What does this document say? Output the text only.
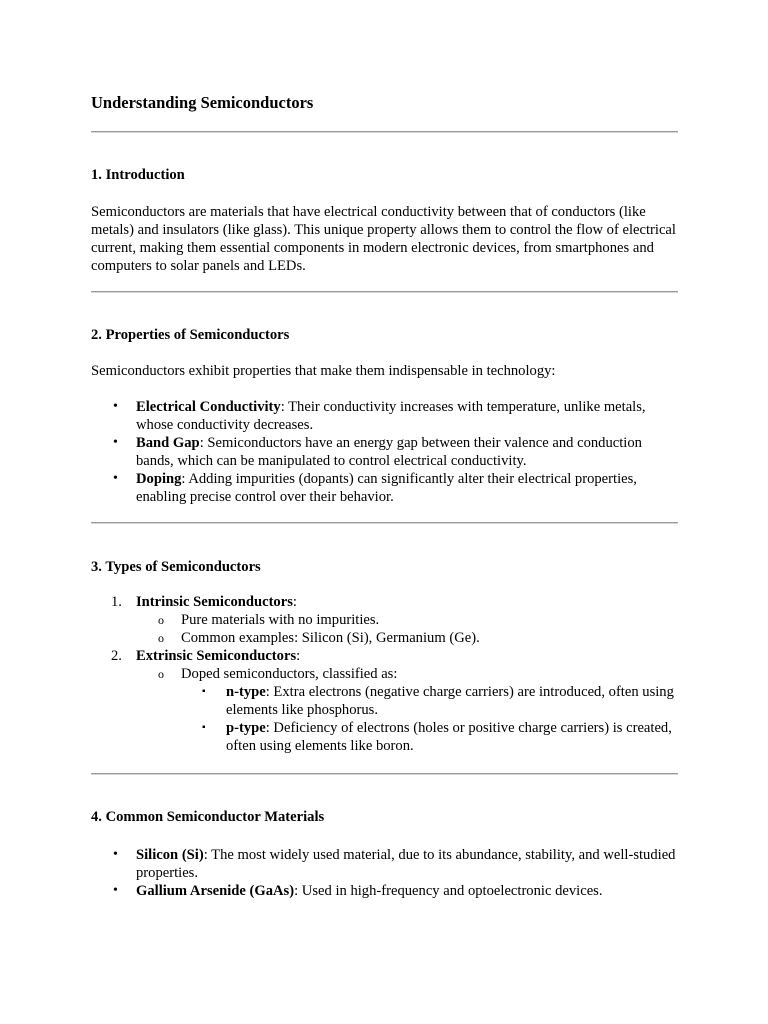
Understanding Semiconductors
1. Introduction

Semiconductors are materials that have electrical conductivity between that of conductors (like metals) and insulators (like glass). This unique property allows them to control the flow of electrical current, making them essential components in modern electronic devices, from smartphones and computers to solar panels and LEDs.

2. Properties of Semiconductors

Semiconductors exhibit properties that make them indispensable in technology:

• Electrical Conductivity: Their conductivity increases with temperature, unlike metals, whose conductivity decreases.
• Band Gap: Semiconductors have an energy gap between their valence and conduction bands, which can be manipulated to control electrical conductivity.
• Doping: Adding impurities (dopants) can significantly alter their electrical properties, enabling precise control over their behavior.
3. Types of Semiconductors
1. Intrinsic Semiconductors:
o Pure materials with no impurities.
o Common examples: Silicon (Si), Germanium (Ge).
2. Extrinsic Semiconductors:
o Doped semiconductors, classified as:
▪ n-type: Extra electrons (negative charge carriers) are introduced, often using elements like phosphorus.
▪ p-type: Deficiency of electrons (holes or positive charge carriers) is created, often using elements like boron.
4. Common Semiconductor Materials
• Silicon (Si): The most widely used material, due to its abundance, stability, and well-studied properties.
• Gallium Arsenide (GaAs): Used in high-frequency and optoelectronic devices.
